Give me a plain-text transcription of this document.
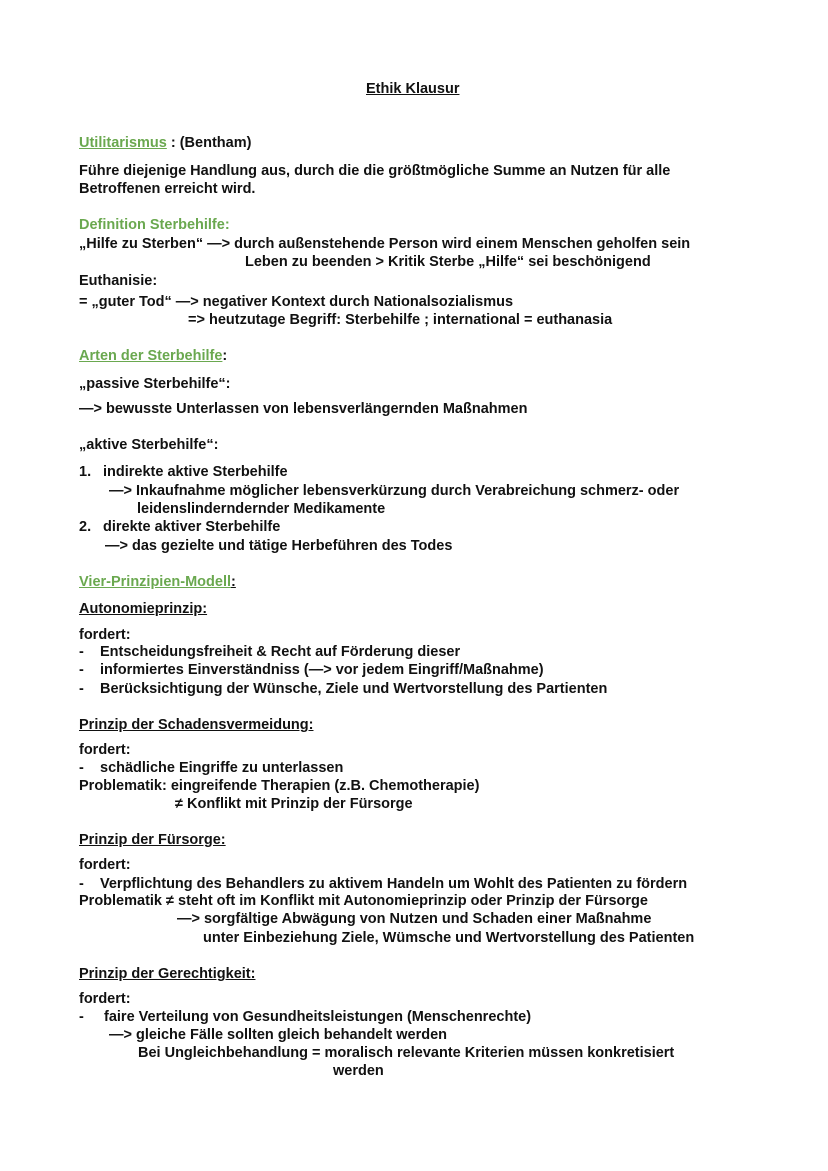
Ethik Klausur
Utilitarismus : (Bentham)
Führe diejenige Handlung aus, durch die die größtmögliche Summe an Nutzen für alle
Betroffenen erreicht wird.
Definition Sterbehilfe:
„Hilfe zu Sterben“ —> durch außenstehende Person wird einem Menschen geholfen sein
Leben zu beenden > Kritik Sterbe „Hilfe“ sei beschönigend
Euthanisie:
= „guter Tod“ —> negativer Kontext durch Nationalsozialismus
=> heutzutage Begriff: Sterbehilfe ; international = euthanasia
Arten der Sterbehilfe:
„passive Sterbehilfe“:
—> bewusste Unterlassen von lebensverlängernden Maßnahmen
„aktive Sterbehilfe“:
1. indirekte aktive Sterbehilfe
—> Inkaufnahme möglicher lebensverkürzung durch Verabreichung schmerz- oder
leidenslinderndernder Medikamente
2. direkte aktiver Sterbehilfe
—> das gezielte und tätige Herbeführen des Todes
Vier-Prinzipien-Modell:
Autonomieprinzip:
fordert:
- Entscheidungsfreiheit & Recht auf Förderung dieser
- informiertes Einverständniss (—> vor jedem Eingriff/Maßnahme)
- Berücksichtigung der Wünsche, Ziele und Wertvorstellung des Partienten
Prinzip der Schadensvermeidung:
fordert:
- schädliche Eingriffe zu unterlassen
Problematik: eingreifende Therapien (z.B. Chemotherapie)
≠ Konflikt mit Prinzip der Fürsorge
Prinzip der Fürsorge:
fordert:
- Verpflichtung des Behandlers zu aktivem Handeln um Wohlt des Patienten zu fördern
Problematik ≠ steht oft im Konflikt mit Autonomieprinzip oder Prinzip der Fürsorge
—> sorgfältige Abwägung von Nutzen und Schaden einer Maßnahme
unter Einbeziehung Ziele, Wümsche und Wertvorstellung des Patienten
Prinzip der Gerechtigkeit:
fordert:
- faire Verteilung von Gesundheitsleistungen (Menschenrechte)
—> gleiche Fälle sollten gleich behandelt werden
Bei Ungleichbehandlung = moralisch relevante Kriterien müssen konkretisiert
werden
